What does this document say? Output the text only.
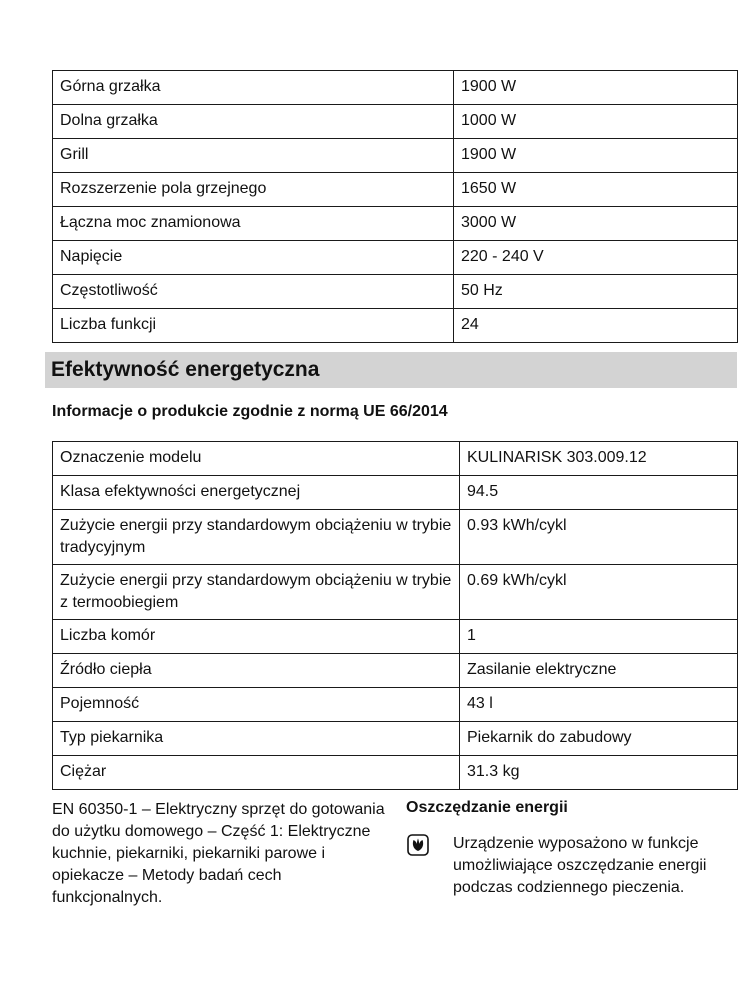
Górna grzałka	1900 W
Dolna grzałka	1000 W
Grill	1900 W
Rozszerzenie pola grzejnego	1650 W
Łączna moc znamionowa	3000 W
Napięcie	220 - 240 V
Częstotliwość	50 Hz
Liczba funkcji	24
Efektywność energetyczna

Informacje o produkcie zgodnie z normą UE 66/2014

Oznaczenie modelu	KULINARISK 303.009.12
Klasa efektywności energetycznej	94.5
Zużycie energii przy standardowym obciążeniu w trybie tradycyjnym	0.93 kWh/cykl
Zużycie energii przy standardowym obciążeniu w trybie z termoobiegiem	0.69 kWh/cykl
Liczba komór	1
Źródło ciepła	Zasilanie elektryczne
Pojemność	43 l
Typ piekarnika	Piekarnik do zabudowy
Ciężar	31.3 kg

EN 60350-1 – Elektryczny sprzęt do gotowania do użytku domowego – Część 1: Elektryczne kuchnie, piekarniki, piekarniki parowe i opiekacze – Metody badań cech funkcjonalnych.

Oszczędzanie energii

Urządzenie wyposażono w funkcje umożliwiające oszczędzanie energii podczas codziennego pieczenia.
